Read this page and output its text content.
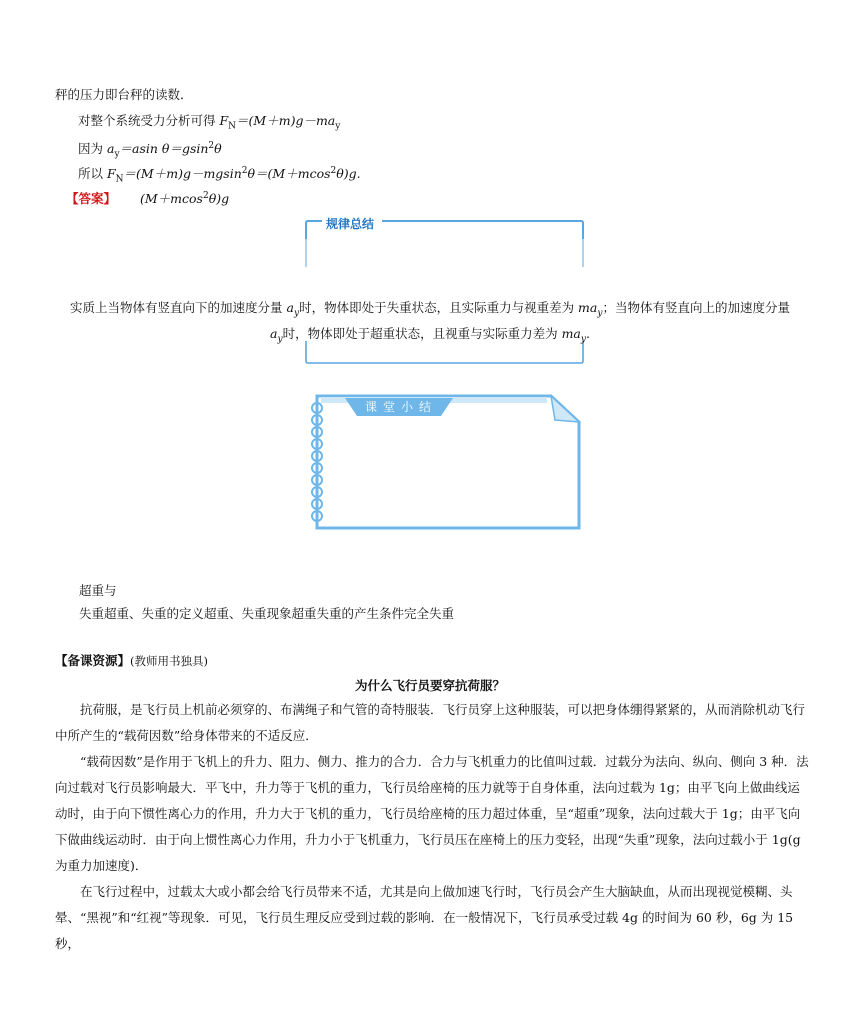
秤的压力即台秤的读数．
对整个系统受力分析可得 $F_N=(M+m)g-ma_y$
因为 $a_y=asin$ θ＝gsin$^2$θ
所以 $F_N=(M+m)g-mgsin^2\theta=(M+mcos^2\theta)g$.
【答案】 (M＋mcos$^2$θ)g
规律总结
实质上当物体有竖直向下的加速度分量 $a_y$时，物体即处于失重状态，且实际重力与视重差为 $ma_y$；当物体有竖直向上的加速度分量
$a_y$时，物体即处于超重状态，且视重与实际重力差为 $ma_y$.
课堂小结
超重与
失重超重、失重的定义超重、失重现象超重失重的产生条件完全失重
【备课资源】(教师用书独具)
为什么飞行员要穿抗荷服？
抗荷服，是飞行员上机前必须穿的、布满绳子和气管的奇特服装．飞行员穿上这种服装，可以把身体绷得紧紧的，从而消除机动飞行中所产生的“载荷因数”给身体带来的不适反应．
“载荷因数”是作用于飞机上的升力、阻力、侧力、推力的合力．合力与飞机重力的比值叫过载．过载分为法向、纵向、侧向 3 种．法向过载对飞行员影响最大．平飞中，升力等于飞机的重力，飞行员给座椅的压力就等于自身体重，法向过载为 1g；由平飞向上做曲线运动时，由于向下惯性离心力的作用，升力大于飞机的重力，飞行员给座椅的压力超过体重，呈“超重”现象，法向过载大于 1g；由平飞向下做曲线运动时．由于向上惯性离心力作用，升力小于飞机重力，飞行员压在座椅上的压力变轻，出现“失重”现象，法向过载小于 1g(g 为重力加速度)．
在飞行过程中，过载太大或小都会给飞行员带来不适，尤其是向上做加速飞行时，飞行员会产生大脑缺血，从而出现视觉模糊、头晕、“黑视”和“红视”等现象．可见，飞行员生理反应受到过载的影响．在一般情况下，飞行员承受过载 4g 的时间为 60 秒，6g 为 15 秒，
